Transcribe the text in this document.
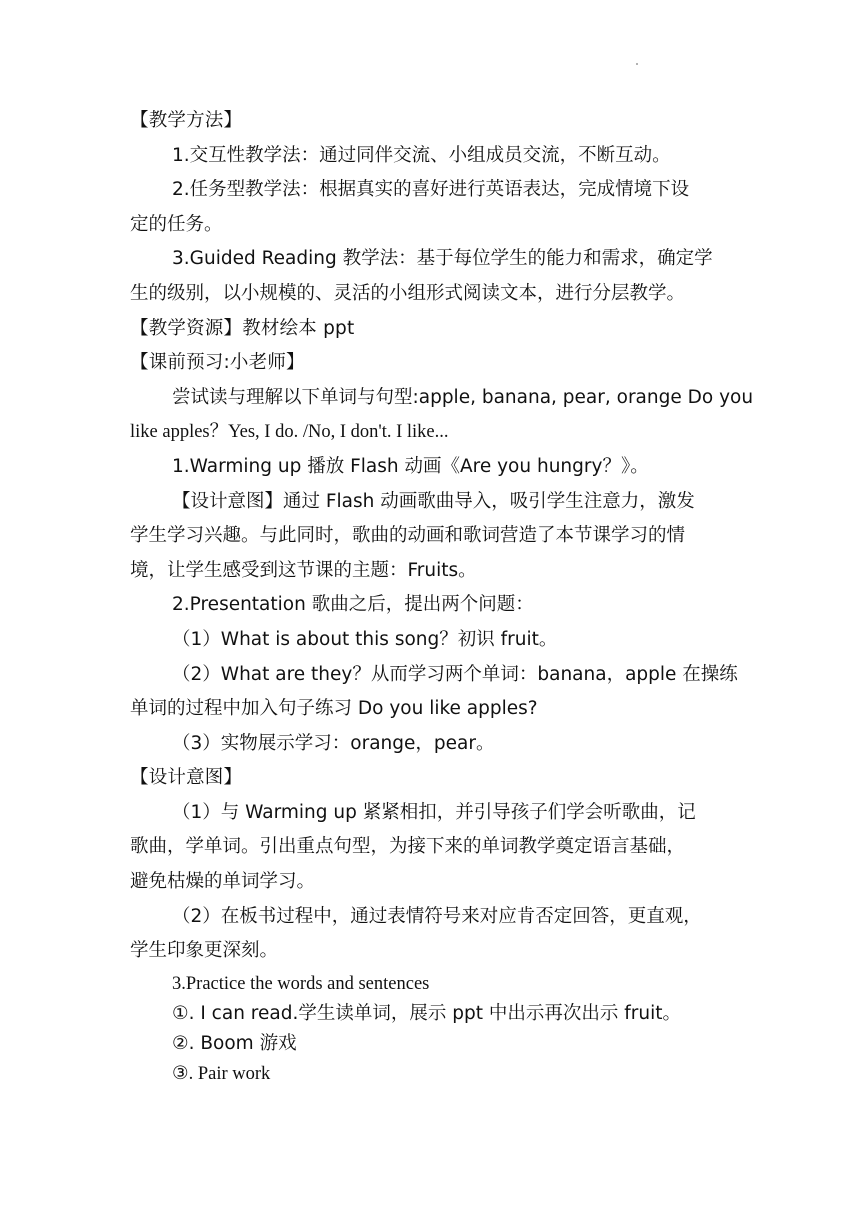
【教学方法】
1.交互性教学法：通过同伴交流、小组成员交流，不断互动。
2.任务型教学法：根据真实的喜好进行英语表达，完成情境下设
定的任务。
3.Guided Reading 教学法：基于每位学生的能力和需求，确定学
生的级别，以小规模的、灵活的小组形式阅读文本，进行分层教学。
【教学资源】教材绘本 ppt
【课前预习:小老师】
尝试读与理解以下单词与句型:apple, banana, pear, orange Do you
like apples？Yes, I do. /No, I don't. I like...
1.Warming up 播放 Flash 动画《Are you hungry？》。
【设计意图】通过 Flash 动画歌曲导入，吸引学生注意力，激发
学生学习兴趣。与此同时，歌曲的动画和歌词营造了本节课学习的情
境，让学生感受到这节课的主题：Fruits。
2.Presentation 歌曲之后，提出两个问题：
（1）What is about this song？初识 fruit。
（2）What are they？从而学习两个单词：banana，apple 在操练
单词的过程中加入句子练习 Do you like apples?
（3）实物展示学习：orange，pear。
【设计意图】
（1）与 Warming up 紧紧相扣，并引导孩子们学会听歌曲，记
歌曲，学单词。引出重点句型，为接下来的单词教学奠定语言基础，
避免枯燥的单词学习。
（2）在板书过程中，通过表情符号来对应肯否定回答，更直观，
学生印象更深刻。
3.Practice the words and sentences
①. I can read.学生读单词，展示 ppt 中出示再次出示 fruit。
②. Boom 游戏
③. Pair work
